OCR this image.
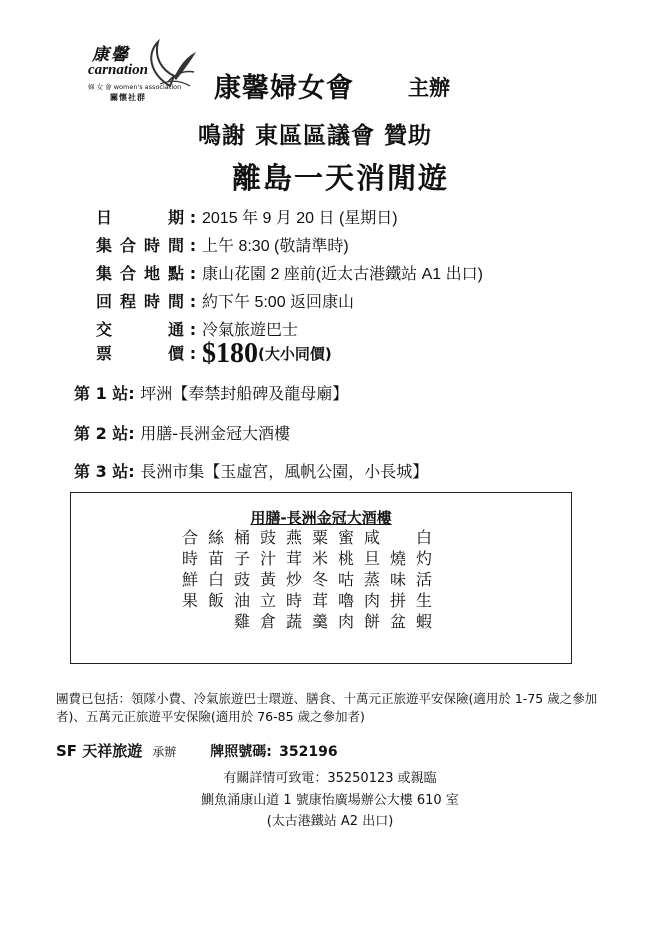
康馨
carnation
婦 女 會 women's association
關懷社群	康馨婦女會	主辦
鳴謝 東區區議會 贊助
離島一天消閒遊
日期 : 2015 年 9 月 20 日 (星期日)
集合時間 : 上午 8:30 (敬請準時)
集合地點 : 康山花園 2 座前(近太古港鐵站 A1 出口)
回程時間 : 約下午 5:00 返回康山
交通 : 冷氣旅遊巴士
票價 : $180(大小同價)
第 1 站: 坪洲【奉禁封船碑及龍母廟】
第 2 站: 用膳-長洲金冠大酒樓
第 3 站: 長洲市集【玉虛宮，風帆公園，小長城】
用膳-長洲金冠大酒樓
白
灼
活
生
蝦

燒
味
拼
盆
咸
旦
蒸
肉
餅
蜜
桃
咕
嚕
肉
粟
米
冬
茸
羹
燕
茸
炒
時
蔬
豉
汁
黃
立
倉
桶
子
豉
油
雞
絲
苗
白
飯
合
時
鮮
果
團費已包括：領隊小費、冷氣旅遊巴士環遊、膳食、十萬元正旅遊平安保險(適用於 1-75 歲之參加者)、五萬元正旅遊平安保險(適用於 76-85 歲之參加者)
SF 天祥旅遊 承辦 牌照號碼: 352196
有關詳情可致電：35250123 或親臨
鰂魚涌康山道 1 號康怡廣場辦公大樓 610 室
(太古港鐵站 A2 出口)
